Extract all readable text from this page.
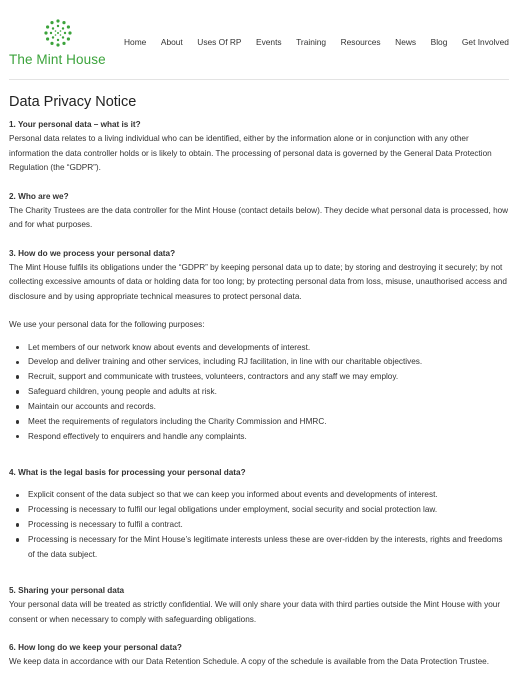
The Mint House
Home About Uses Of RP Events Training Resources News Blog Get Involved
Data Privacy Notice
1. Your personal data – what is it?

Personal data relates to a living individual who can be identified, either by the information alone or in conjunction with any other information the data controller holds or is likely to obtain. The processing of personal data is governed by the General Data Protection Regulation (the “GDPR”).

2. Who are we?

The Charity Trustees are the data controller for the Mint House (contact details below). They decide what personal data is processed, how and for what purposes.

3. How do we process your personal data?

The Mint House fulfils its obligations under the “GDPR” by keeping personal data up to date; by storing and destroying it securely; by not collecting excessive amounts of data or holding data for too long; by protecting personal data from loss, misuse, unauthorised access and disclosure and by using appropriate technical measures to protect personal data.

We use your personal data for the following purposes:

Let members of our network know about events and developments of interest.
Develop and deliver training and other services, including RJ facilitation, in line with our charitable objectives.
Recruit, support and communicate with trustees, volunteers, contractors and any staff we may employ.
Safeguard children, young people and adults at risk.
Maintain our accounts and records.
Meet the requirements of regulators including the Charity Commission and HMRC.
Respond effectively to enquirers and handle any complaints.
4. What is the legal basis for processing your personal data?
Explicit consent of the data subject so that we can keep you informed about events and developments of interest.
Processing is necessary to fulfil our legal obligations under employment, social security and social protection law.
Processing is necessary to fulfil a contract.
Processing is necessary for the Mint House’s legitimate interests unless these are over-ridden by the interests, rights and freedoms of the data subject.
5. Sharing your personal data

Your personal data will be treated as strictly confidential. We will only share your data with third parties outside the Mint House with your consent or when necessary to comply with safeguarding obligations.

6. How long do we keep your personal data?

We keep data in accordance with our Data Retention Schedule. A copy of the schedule is available from the Data Protection Trustee.
